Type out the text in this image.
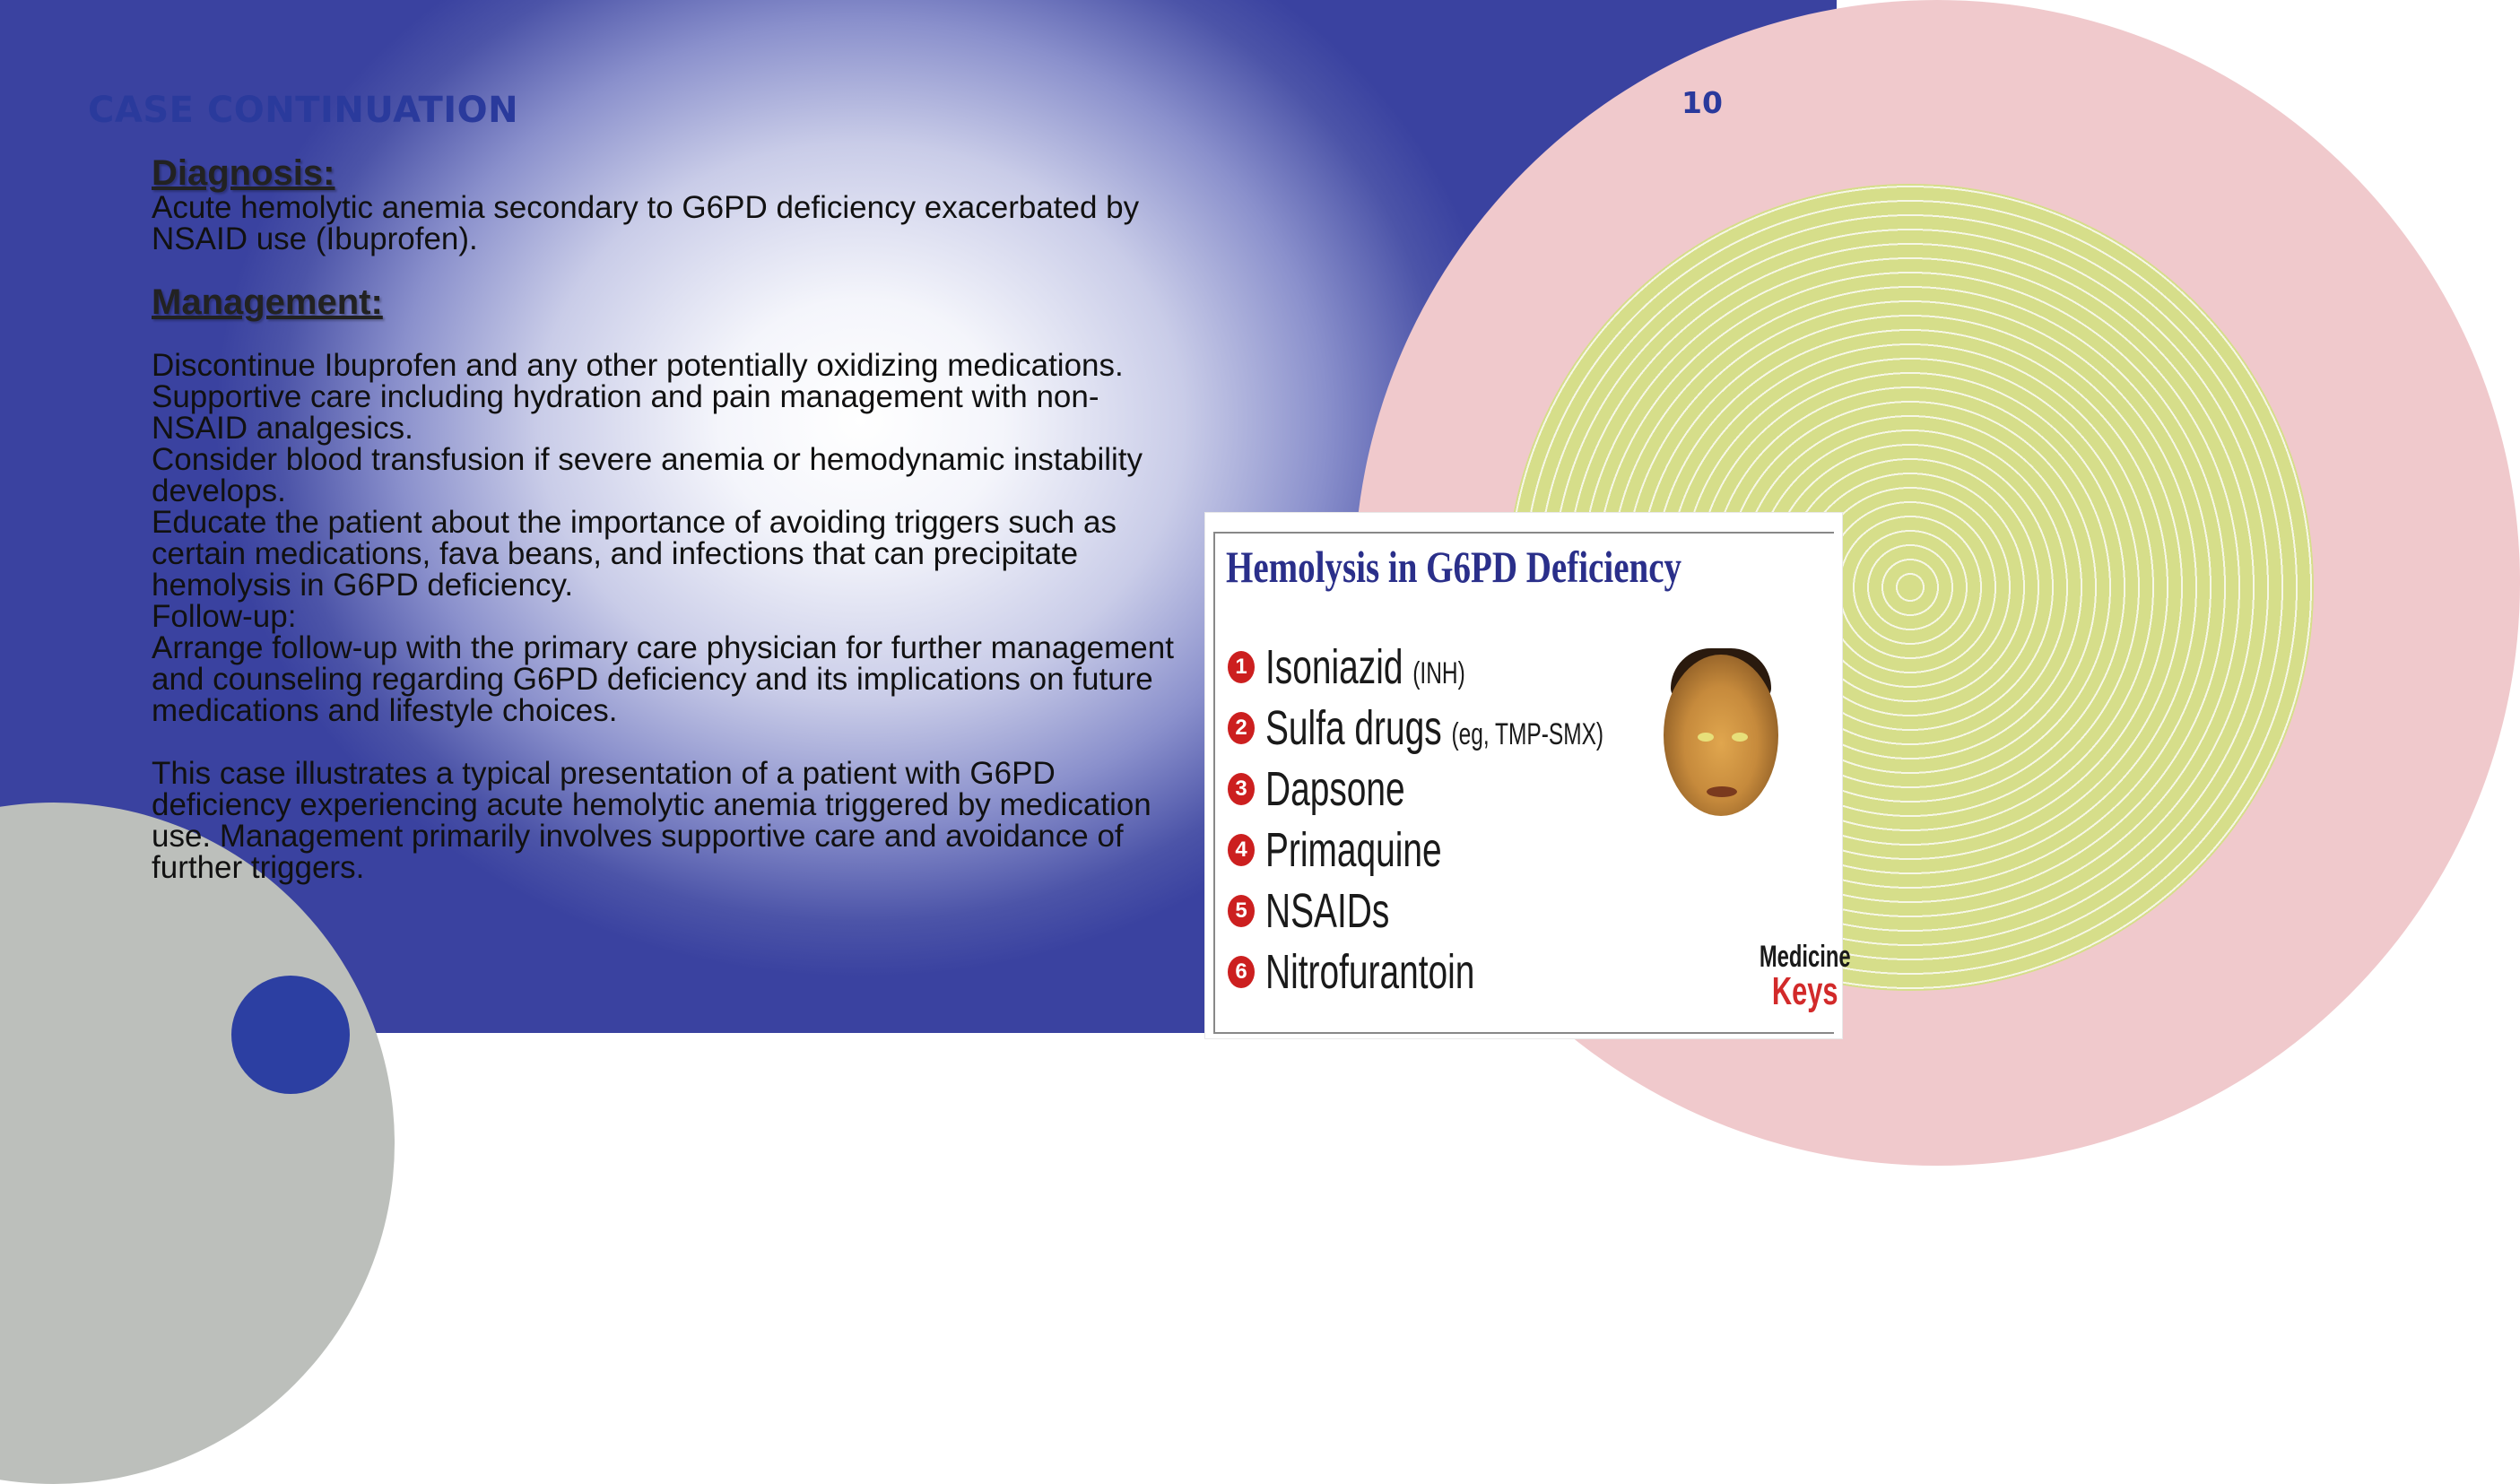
CASE CONTINUATION	10
Diagnosis:

Acute hemolytic anemia secondary to G6PD deficiency exacerbated by NSAID use (Ibuprofen).

Management:

Discontinue Ibuprofen and any other potentially oxidizing medications.

Supportive care including hydration and pain management with non-NSAID analgesics.

Consider blood transfusion if severe anemia or hemodynamic instability develops.

Educate the patient about the importance of avoiding triggers such as certain medications, fava beans, and infections that can precipitate hemolysis in G6PD deficiency.

Follow-up:

Arrange follow-up with the primary care physician for further management and counseling regarding G6PD deficiency and its implications on future medications and lifestyle choices.

This case illustrates a typical presentation of a patient with G6PD deficiency experiencing acute hemolytic anemia triggered by medication use. Management primarily involves supportive care and avoidance of further triggers.

Hemolysis in G6PD Deficiency
1 Isoniazid (INH)
2 Sulfa drugs (eg, TMP-SMX)
3 Dapsone
4 Primaquine
5 NSAIDs
6 Nitrofurantoin	Medicine
Keys
